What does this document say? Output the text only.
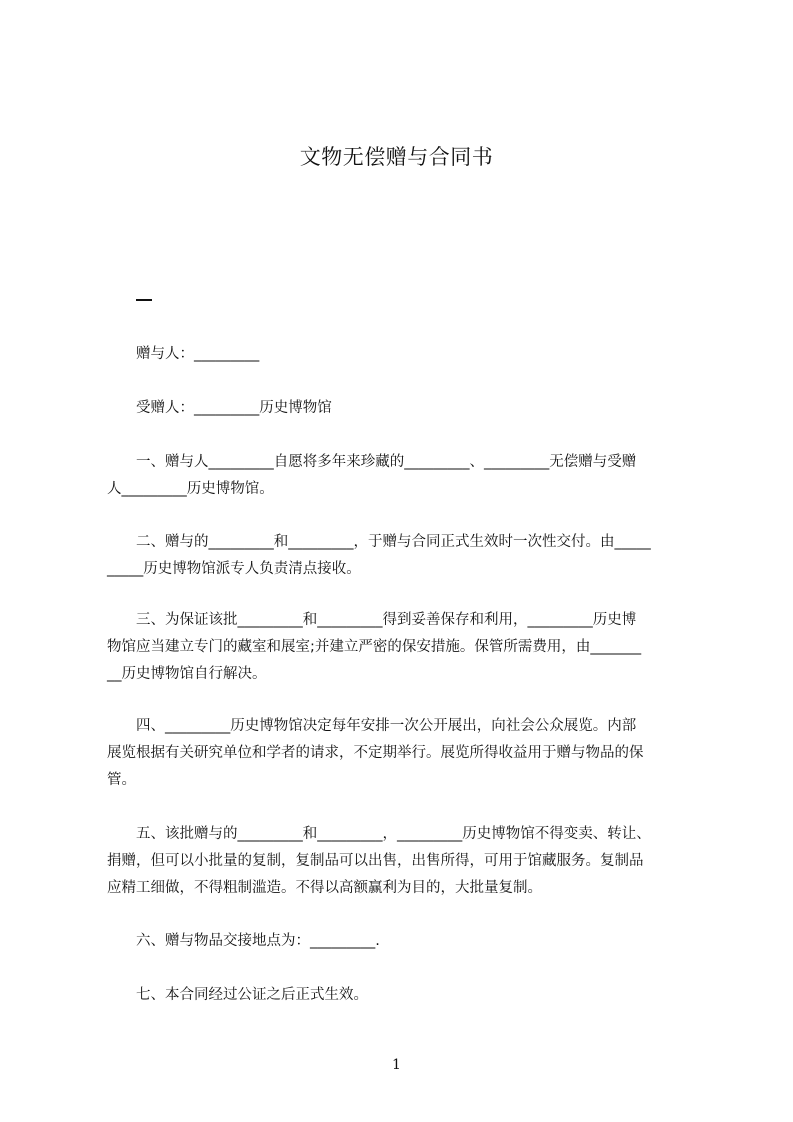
文物无偿赠与合同书
赠与人：_________
受赠人：_________历史博物馆
一、赠与人_________自愿将多年来珍藏的_________、_________无偿赠与受赠
人_________历史博物馆。
二、赠与的_________和_________，于赠与合同正式生效时一次性交付。由_____
_____历史博物馆派专人负责清点接收。
三、为保证该批_________和_________得到妥善保存和利用，_________历史博
物馆应当建立专门的藏室和展室;并建立严密的保安措施。保管所需费用，由_______
__历史博物馆自行解决。
四、_________历史博物馆决定每年安排一次公开展出，向社会公众展览。内部
展览根据有关研究单位和学者的请求，不定期举行。展览所得收益用于赠与物品的保
管。
五、该批赠与的_________和_________，_________历史博物馆不得变卖、转让、
捐赠，但可以小批量的复制，复制品可以出售，出售所得，可用于馆藏服务。复制品
应精工细做，不得粗制滥造。不得以高额赢利为目的，大批量复制。
六、赠与物品交接地点为：_________.
七、本合同经过公证之后正式生效。
1
